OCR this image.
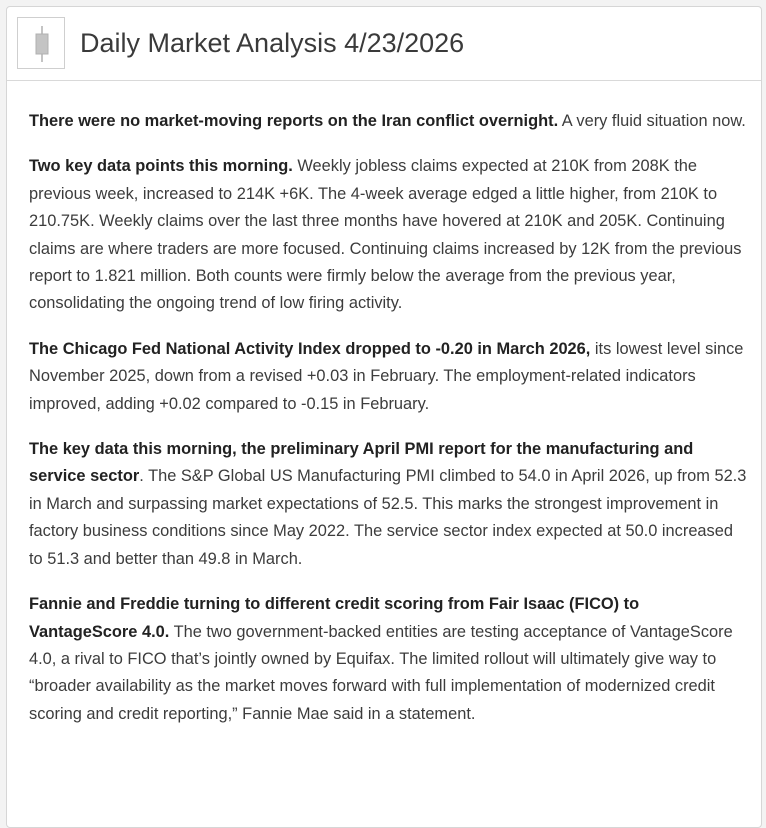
Daily Market Analysis 4/23/2026

There were no market-moving reports on the Iran conflict overnight. A very fluid situation now.

Two key data points this morning. Weekly jobless claims expected at 210K from 208K the previous week, increased to 214K +6K. The 4-week average edged a little higher, from 210K to 210.75K. Weekly claims over the last three months have hovered at 210K and 205K. Continuing claims are where traders are more focused. Continuing claims increased by 12K from the previous report to 1.821 million. Both counts were firmly below the average from the previous year, consolidating the ongoing trend of low firing activity.

The Chicago Fed National Activity Index dropped to -0.20 in March 2026, its lowest level since November 2025, down from a revised +0.03 in February. The employment-related indicators improved, adding +0.02 compared to -0.15 in February.

The key data this morning, the preliminary April PMI report for the manufacturing and service sector. The S&P Global US Manufacturing PMI climbed to 54.0 in April 2026, up from 52.3 in March and surpassing market expectations of 52.5. This marks the strongest improvement in factory business conditions since May 2022. The service sector index expected at 50.0 increased to 51.3 and better than 49.8 in March.

Fannie and Freddie turning to different credit scoring from Fair Isaac (FICO) to VantageScore 4.0. The two government-backed entities are testing acceptance of VantageScore 4.0, a rival to FICO that’s jointly owned by Equifax. The limited rollout will ultimately give way to “broader availability as the market moves forward with full implementation of modernized credit scoring and credit reporting,” Fannie Mae said in a statement.
